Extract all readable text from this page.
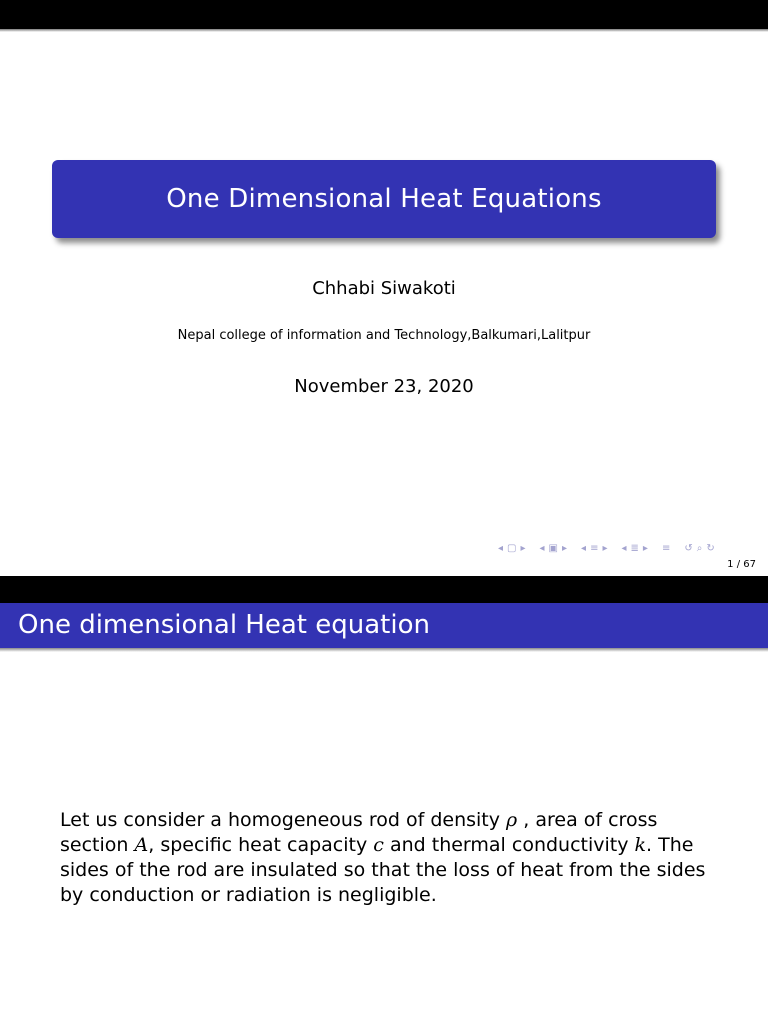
One Dimensional Heat Equations
Chhabi Siwakoti
Nepal college of information and Technology,Balkumari,Lalitpur
November 23, 2020
◂ ▢ ▸ ◂ ▣ ▸ ◂ ≡ ▸ ◂ ≣ ▸ ≡ ↺ ⌕ ↻
1 / 67
One dimensional Heat equation
Let us consider a homogeneous rod of density ρ , area of cross section A, specific heat capacity c and thermal conductivity k. The sides of the rod are insulated so that the loss of heat from the sides by conduction or radiation is negligible.
